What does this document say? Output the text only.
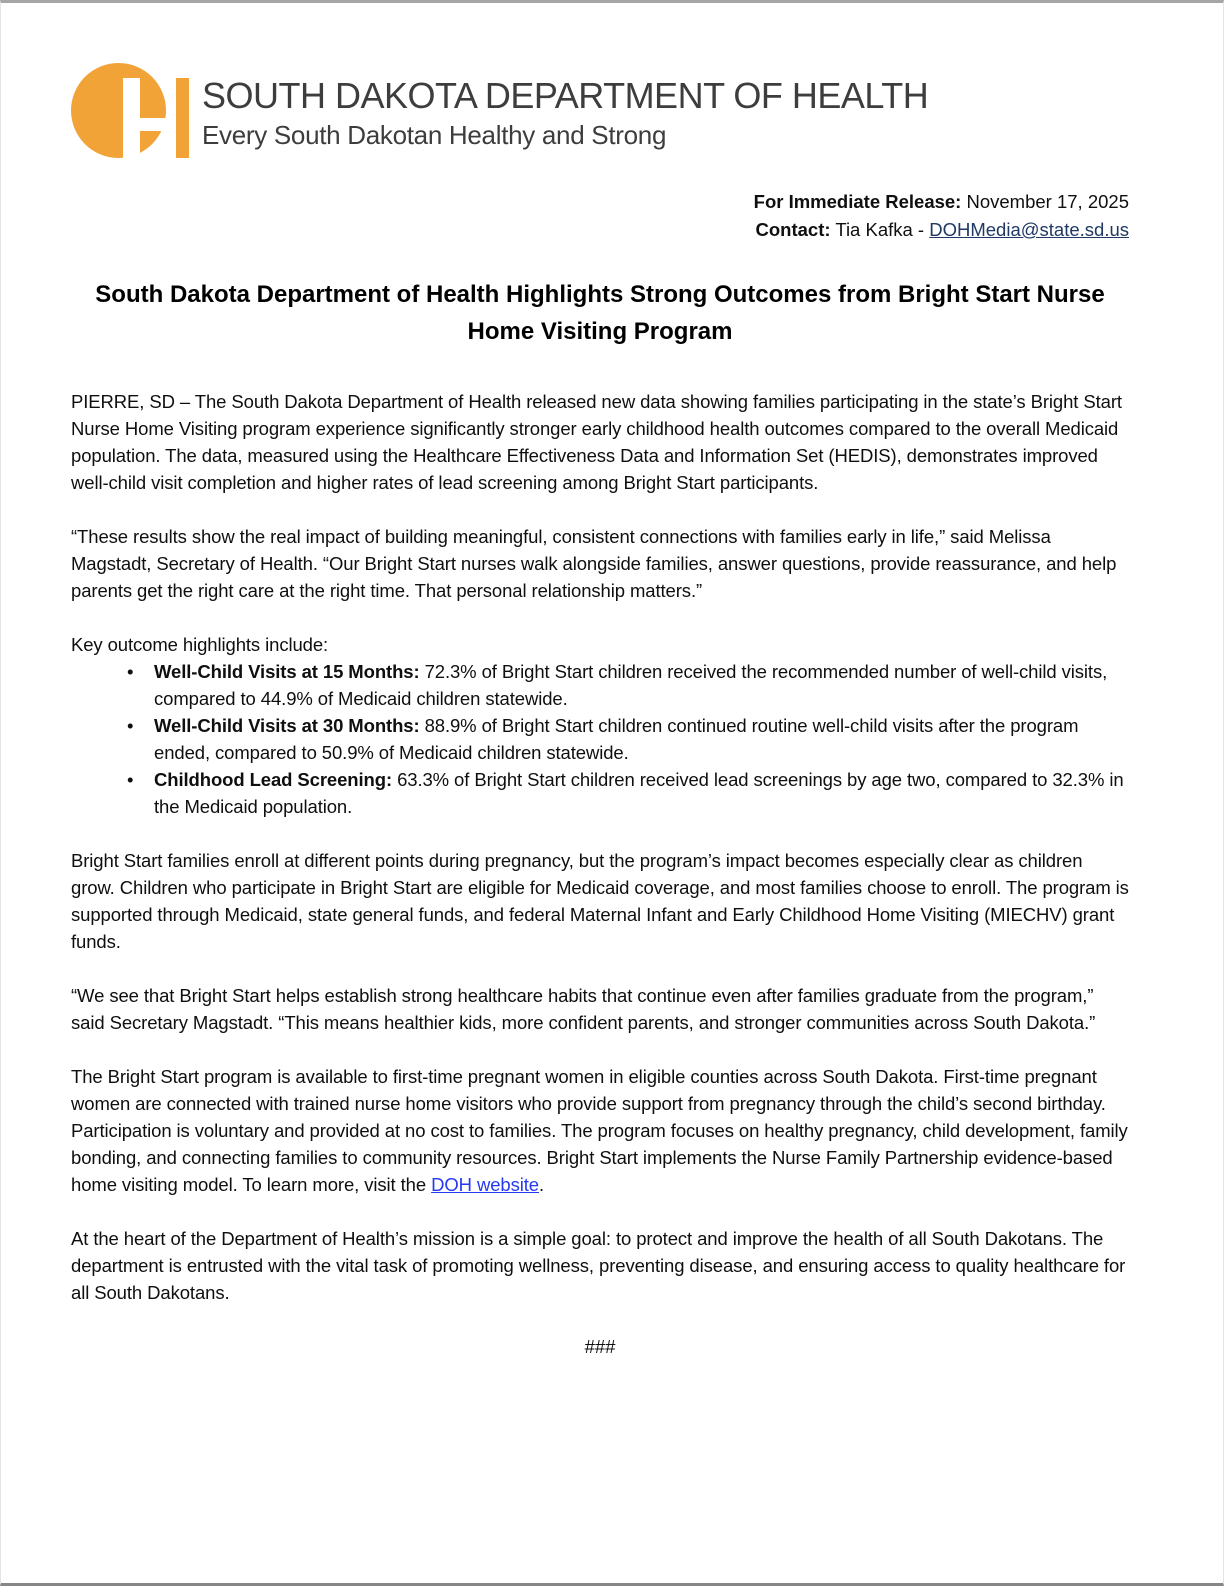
SOUTH DAKOTA DEPARTMENT OF HEALTH
Every South Dakotan Healthy and Strong
For Immediate Release: November 17, 2025
Contact: Tia Kafka - DOHMedia@state.sd.us
South Dakota Department of Health Highlights Strong Outcomes from Bright Start Nurse Home Visiting Program

PIERRE, SD – The South Dakota Department of Health released new data showing families participating in the state’s Bright Start Nurse Home Visiting program experience significantly stronger early childhood health outcomes compared to the overall Medicaid population. The data, measured using the Healthcare Effectiveness Data and Information Set (HEDIS), demonstrates improved well-child visit completion and higher rates of lead screening among Bright Start participants.

“These results show the real impact of building meaningful, consistent connections with families early in life,” said Melissa Magstadt, Secretary of Health. “Our Bright Start nurses walk alongside families, answer questions, provide reassurance, and help parents get the right care at the right time. That personal relationship matters.”

Key outcome highlights include:

• Well-Child Visits at 15 Months: 72.3% of Bright Start children received the recommended number of well-child visits, compared to 44.9% of Medicaid children statewide.
• Well-Child Visits at 30 Months: 88.9% of Bright Start children continued routine well-child visits after the program ended, compared to 50.9% of Medicaid children statewide.
• Childhood Lead Screening: 63.3% of Bright Start children received lead screenings by age two, compared to 32.3% in the Medicaid population.

Bright Start families enroll at different points during pregnancy, but the program’s impact becomes especially clear as children grow. Children who participate in Bright Start are eligible for Medicaid coverage, and most families choose to enroll. The program is supported through Medicaid, state general funds, and federal Maternal Infant and Early Childhood Home Visiting (MIECHV) grant funds.

“We see that Bright Start helps establish strong healthcare habits that continue even after families graduate from the program,” said Secretary Magstadt. “This means healthier kids, more confident parents, and stronger communities across South Dakota.”

The Bright Start program is available to first-time pregnant women in eligible counties across South Dakota. First-time pregnant women are connected with trained nurse home visitors who provide support from pregnancy through the child’s second birthday. Participation is voluntary and provided at no cost to families. The program focuses on healthy pregnancy, child development, family bonding, and connecting families to community resources. Bright Start implements the Nurse Family Partnership evidence-based home visiting model. To learn more, visit the DOH website.

At the heart of the Department of Health’s mission is a simple goal: to protect and improve the health of all South Dakotans. The department is entrusted with the vital task of promoting wellness, preventing disease, and ensuring access to quality healthcare for all South Dakotans.

###
